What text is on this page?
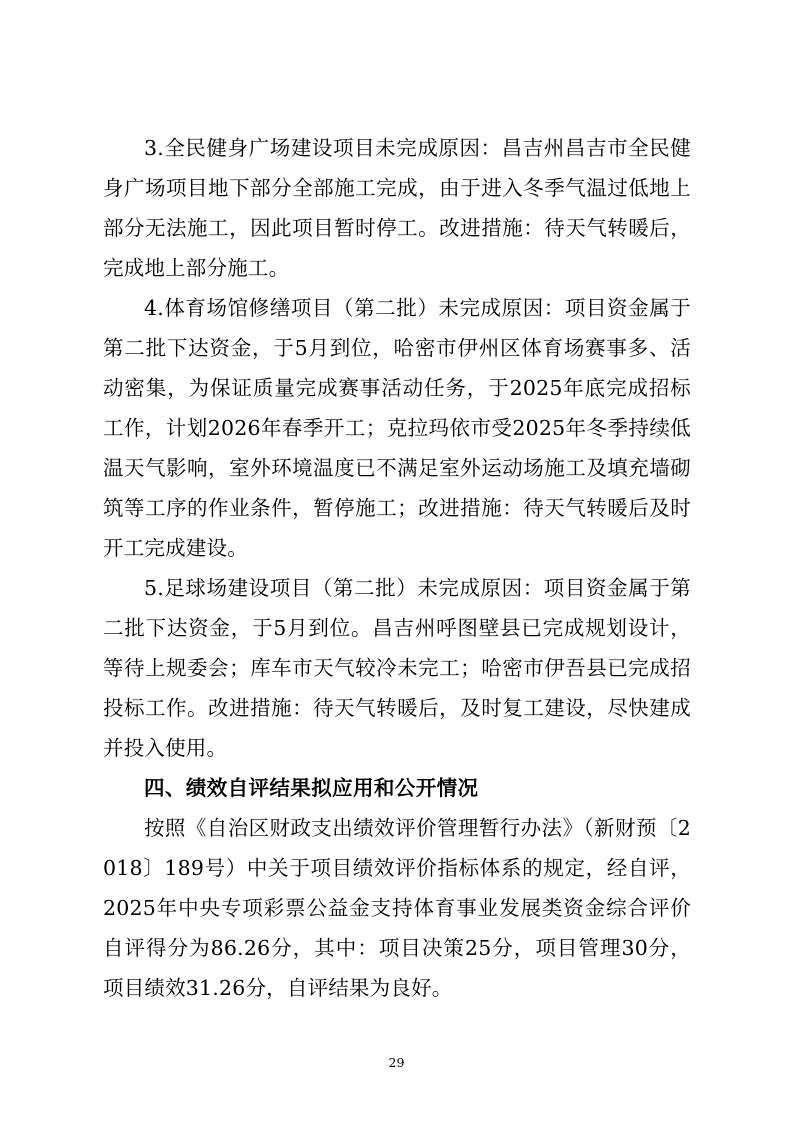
3.全民健身广场建设项目未完成原因：昌吉州昌吉市全民健身广场项目地下部分全部施工完成，由于进入冬季气温过低地上部分无法施工，因此项目暂时停工。改进措施：待天气转暖后，完成地上部分施工。

4.体育场馆修缮项目（第二批）未完成原因：项目资金属于第二批下达资金，于5月到位，哈密市伊州区体育场赛事多、活动密集，为保证质量完成赛事活动任务，于2025年底完成招标工作，计划2026年春季开工；克拉玛依市受2025年冬季持续低温天气影响，室外环境温度已不满足室外运动场施工及填充墙砌筑等工序的作业条件，暂停施工；改进措施：待天气转暖后及时开工完成建设。

5.足球场建设项目（第二批）未完成原因：项目资金属于第二批下达资金，于5月到位。昌吉州呼图壁县已完成规划设计，等待上规委会；库车市天气较冷未完工；哈密市伊吾县已完成招投标工作。改进措施：待天气转暖后，及时复工建设，尽快建成并投入使用。

四、绩效自评结果拟应用和公开情况

按照《自治区财政支出绩效评价管理暂行办法》（新财预〔2018〕189号）中关于项目绩效评价指标体系的规定，经自评，2025年中央专项彩票公益金支持体育事业发展类资金综合评价自评得分为86.26分，其中：项目决策25分，项目管理30分，项目绩效31.26分，自评结果为良好。

29
